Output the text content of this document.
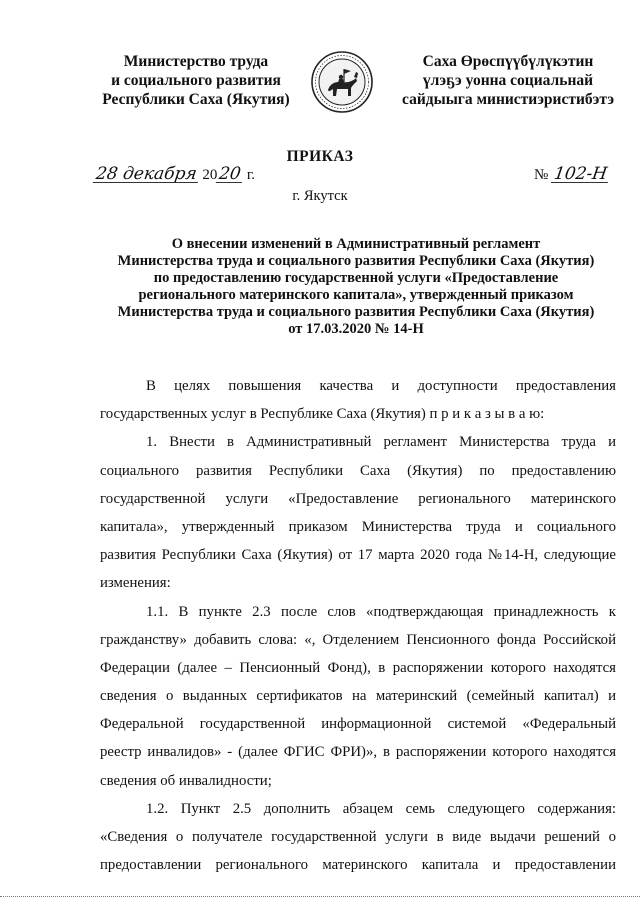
Министерство труда
и социального развития
Республики Саха (Якутия)
Саха Өрөспүүбүлүкэтин
үлэҕэ уонна социальнай
сайдыыга министиэристибэтэ
ПРИКАЗ
28 декабря 2020 г.	№ 102-Н
г. Якутск
О внесении изменений в Административный регламент
Министерства труда и социального развития Республики Саха (Якутия)
по предоставлению государственной услуги «Предоставление
регионального материнского капитала», утвержденный приказом
Министерства труда и социального развития Республики Саха (Якутия)
от 17.03.2020 № 14-Н
В целях повышения качества и доступности предоставления
государственных услуг в Республике Саха (Якутия) п р и к а з ы в а ю:
1. Внести в Административный регламент Министерства труда и
социального развития Республики Саха (Якутия) по предоставлению
государственной услуги «Предоставление регионального материнского
капитала», утвержденный приказом Министерства труда и социального
развития Республики Саха (Якутия) от 17 марта 2020 года №14-Н, следующие
изменения:
1.1. В пункте 2.3 после слов «подтверждающая принадлежность к
гражданству» добавить слова: «, Отделением Пенсионного фонда Российской
Федерации (далее – Пенсионный Фонд), в распоряжении которого находятся
сведения о выданных сертификатов на материнский (семейный капитал) и
Федеральной государственной информационной системой «Федеральный
реестр инвалидов» - (далее ФГИС ФРИ)», в распоряжении которого находятся
сведения об инвалидности;
1.2. Пункт 2.5 дополнить абзацем семь следующего содержания:
«Сведения о получателе государственной услуги в виде выдачи решений о
предоставлении регионального материнского капитала и предоставлении
